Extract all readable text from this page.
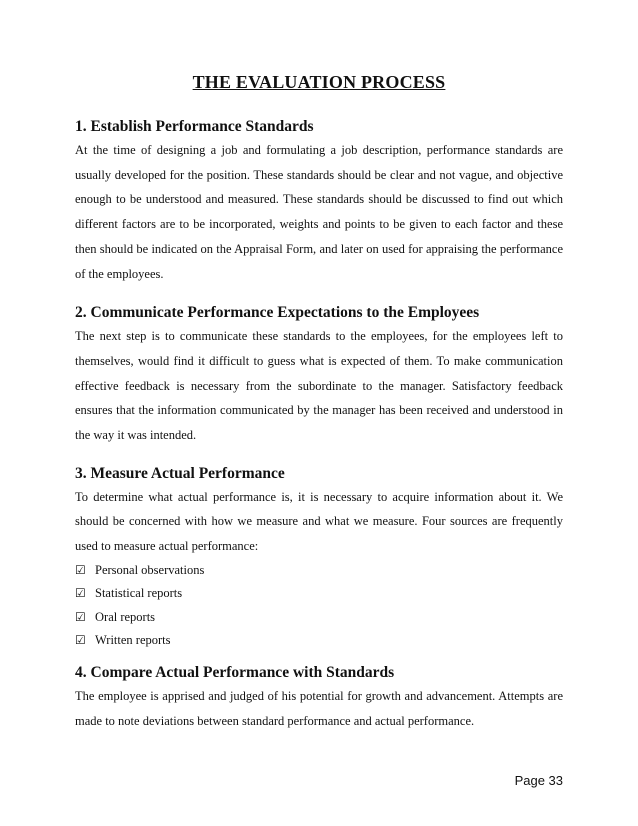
THE EVALUATION PROCESS

1. Establish Performance Standards

At the time of designing a job and formulating a job description, performance standards are usually developed for the position. These standards should be clear and not vague, and objective enough to be understood and measured. These standards should be discussed to find out which different factors are to be incorporated, weights and points to be given to each factor and these then should be indicated on the Appraisal Form, and later on used for appraising the performance of the employees.

2. Communicate Performance Expectations to the Employees

The next step is to communicate these standards to the employees, for the employees left to themselves, would find it difficult to guess what is expected of them. To make communication effective feedback is necessary from the subordinate to the manager. Satisfactory feedback ensures that the information communicated by the manager has been received and understood in the way it was intended.

3. Measure Actual Performance

To determine what actual performance is, it is necessary to acquire information about it. We should be concerned with how we measure and what we measure. Four sources are frequently used to measure actual performance:

☑ Personal observations
☑ Statistical reports
☑ Oral reports
☑ Written reports

4. Compare Actual Performance with Standards

The employee is apprised and judged of his potential for growth and advancement. Attempts are made to note deviations between standard performance and actual performance.

Page 33
